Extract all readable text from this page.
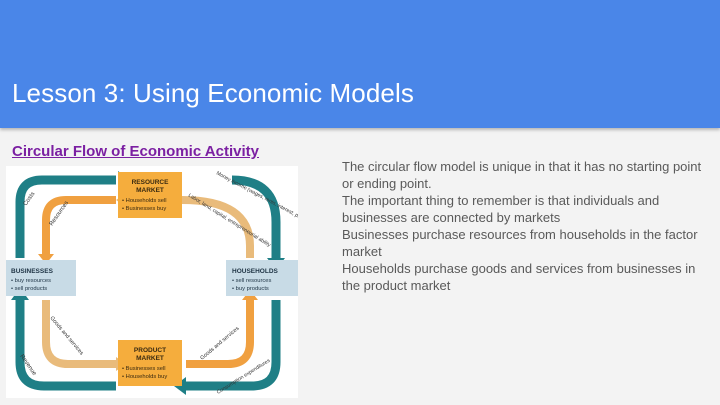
Lesson 3: Using Economic Models
Circular Flow of Economic Activity
RESOURCE
MARKET
• Households sell
• Businesses buy
BUSINESSES
• buy resources
• sell products
HOUSEHOLDS
• sell resources
• buy products
PRODUCT
MARKET
• Businesses sell
• Households buy
Costs
Resources
Money income (wages, rents, interest, profits)
Labor, land, capital, entrepreneurial ability
Goods and services
Revenue
Goods and services
Consumption expenditures

The circular flow model is unique in that it has no starting point or ending point.

The important thing to remember is that individuals and businesses are connected by markets

Businesses purchase resources from households in the factor market

Households purchase goods and services from businesses in the product market
